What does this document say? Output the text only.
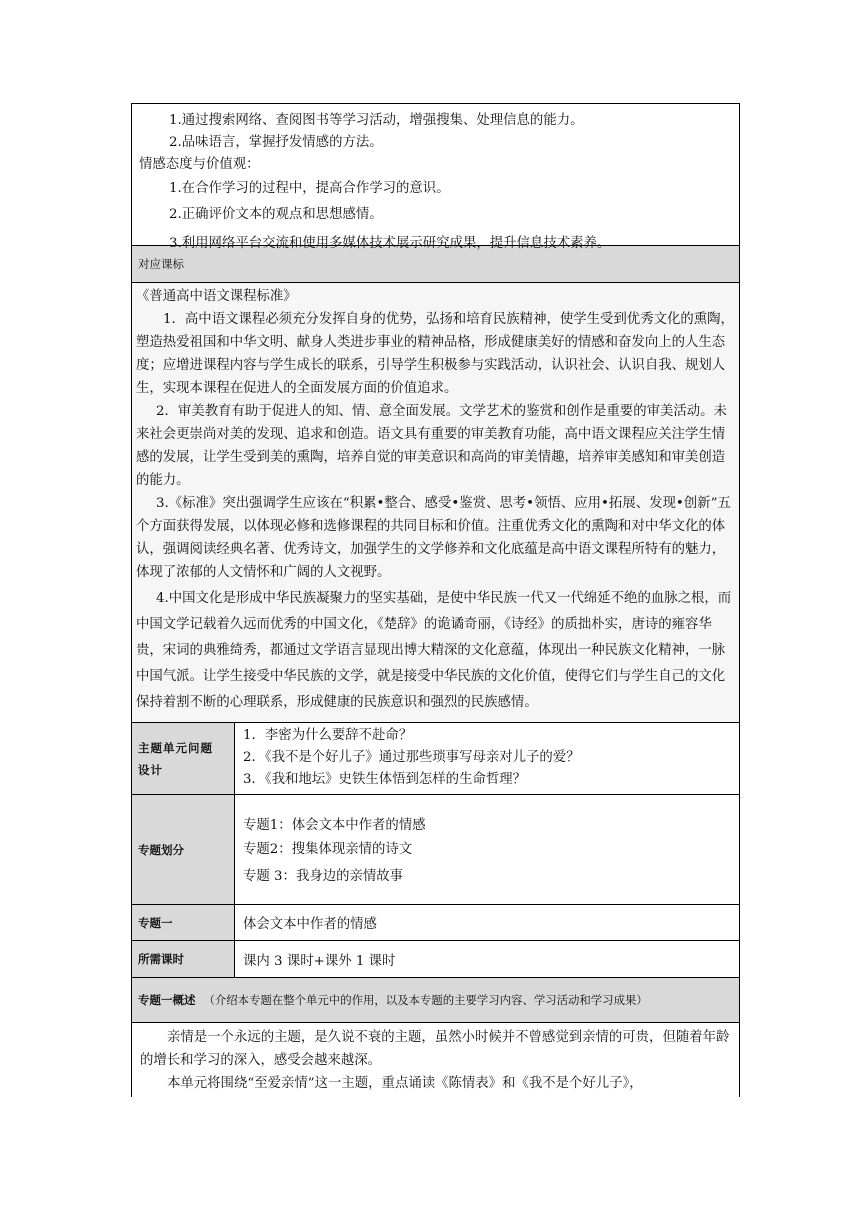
1.通过搜索网络、查阅图书等学习活动，增强搜集、处理信息的能力。
2.品味语言，掌握抒发情感的方法。
情感态度与价值观：
1.在合作学习的过程中，提高合作学习的意识。
2.正确评价文本的观点和思想感情。
3.利用网络平台交流和使用多媒体技术展示研究成果，提升信息技术素养。
对应课标

《普通高中语文课程标准》

1．高中语文课程必须充分发挥自身的优势，弘扬和培育民族精神，使学生受到优秀文化的熏陶，塑造热爱祖国和中华文明、献身人类进步事业的精神品格，形成健康美好的情感和奋发向上的人生态度；应增进课程内容与学生成长的联系，引导学生积极参与实践活动，认识社会、认识自我、规划人生，实现本课程在促进人的全面发展方面的价值追求。

2．审美教育有助于促进人的知、情、意全面发展。文学艺术的鉴赏和创作是重要的审美活动。未来社会更崇尚对美的发现、追求和创造。语文具有重要的审美教育功能，高中语文课程应关注学生情感的发展，让学生受到美的熏陶，培养自觉的审美意识和高尚的审美情趣，培养审美感知和审美创造的能力。

3.《标准》突出强调学生应该在“积累•整合、感受•鉴赏、思考•领悟、应用•拓展、发现•创新”五个方面获得发展，以体现必修和选修课程的共同目标和价值。注重优秀文化的熏陶和对中华文化的体认，强调阅读经典名著、优秀诗文，加强学生的文学修养和文化底蕴是高中语文课程所特有的魅力，体现了浓郁的人文情怀和广阔的人文视野。

4.中国文化是形成中华民族凝聚力的坚实基础，是使中华民族一代又一代绵延不绝的血脉之根，而中国文学记载着久远而优秀的中国文化，《楚辞》的诡谲奇丽，《诗经》的质拙朴实，唐诗的雍容华贵，宋词的典雅绮秀，都通过文学语言显现出博大精深的文化意蕴，体现出一种民族文化精神，一脉中国气派。让学生接受中华民族的文学，就是接受中华民族的文化价值，使得它们与学生自己的文化保持着割不断的心理联系，形成健康的民族意识和强烈的民族感情。

主题单元问题设计
1．李密为什么要辞不赴命？
2．《我不是个好儿子》通过那些琐事写母亲对儿子的爱？
3．《我和地坛》史铁生体悟到怎样的生命哲理？
专题划分
专题1：体会文本中作者的情感
专题2：搜集体现亲情的诗文
专题 3：我身边的亲情故事
专题一	体会文本中作者的情感
所需课时	课内 3 课时+课外 1 课时
专题一概述 （介绍本专题在整个单元中的作用，以及本专题的主要学习内容、学习活动和学习成果）

亲情是一个永远的主题，是久说不衰的主题，虽然小时候并不曾感觉到亲情的可贵，但随着年龄的增长和学习的深入，感受会越来越深。

本单元将围绕“至爱亲情”这一主题，重点诵读《陈情表》和《我不是个好儿子》，
